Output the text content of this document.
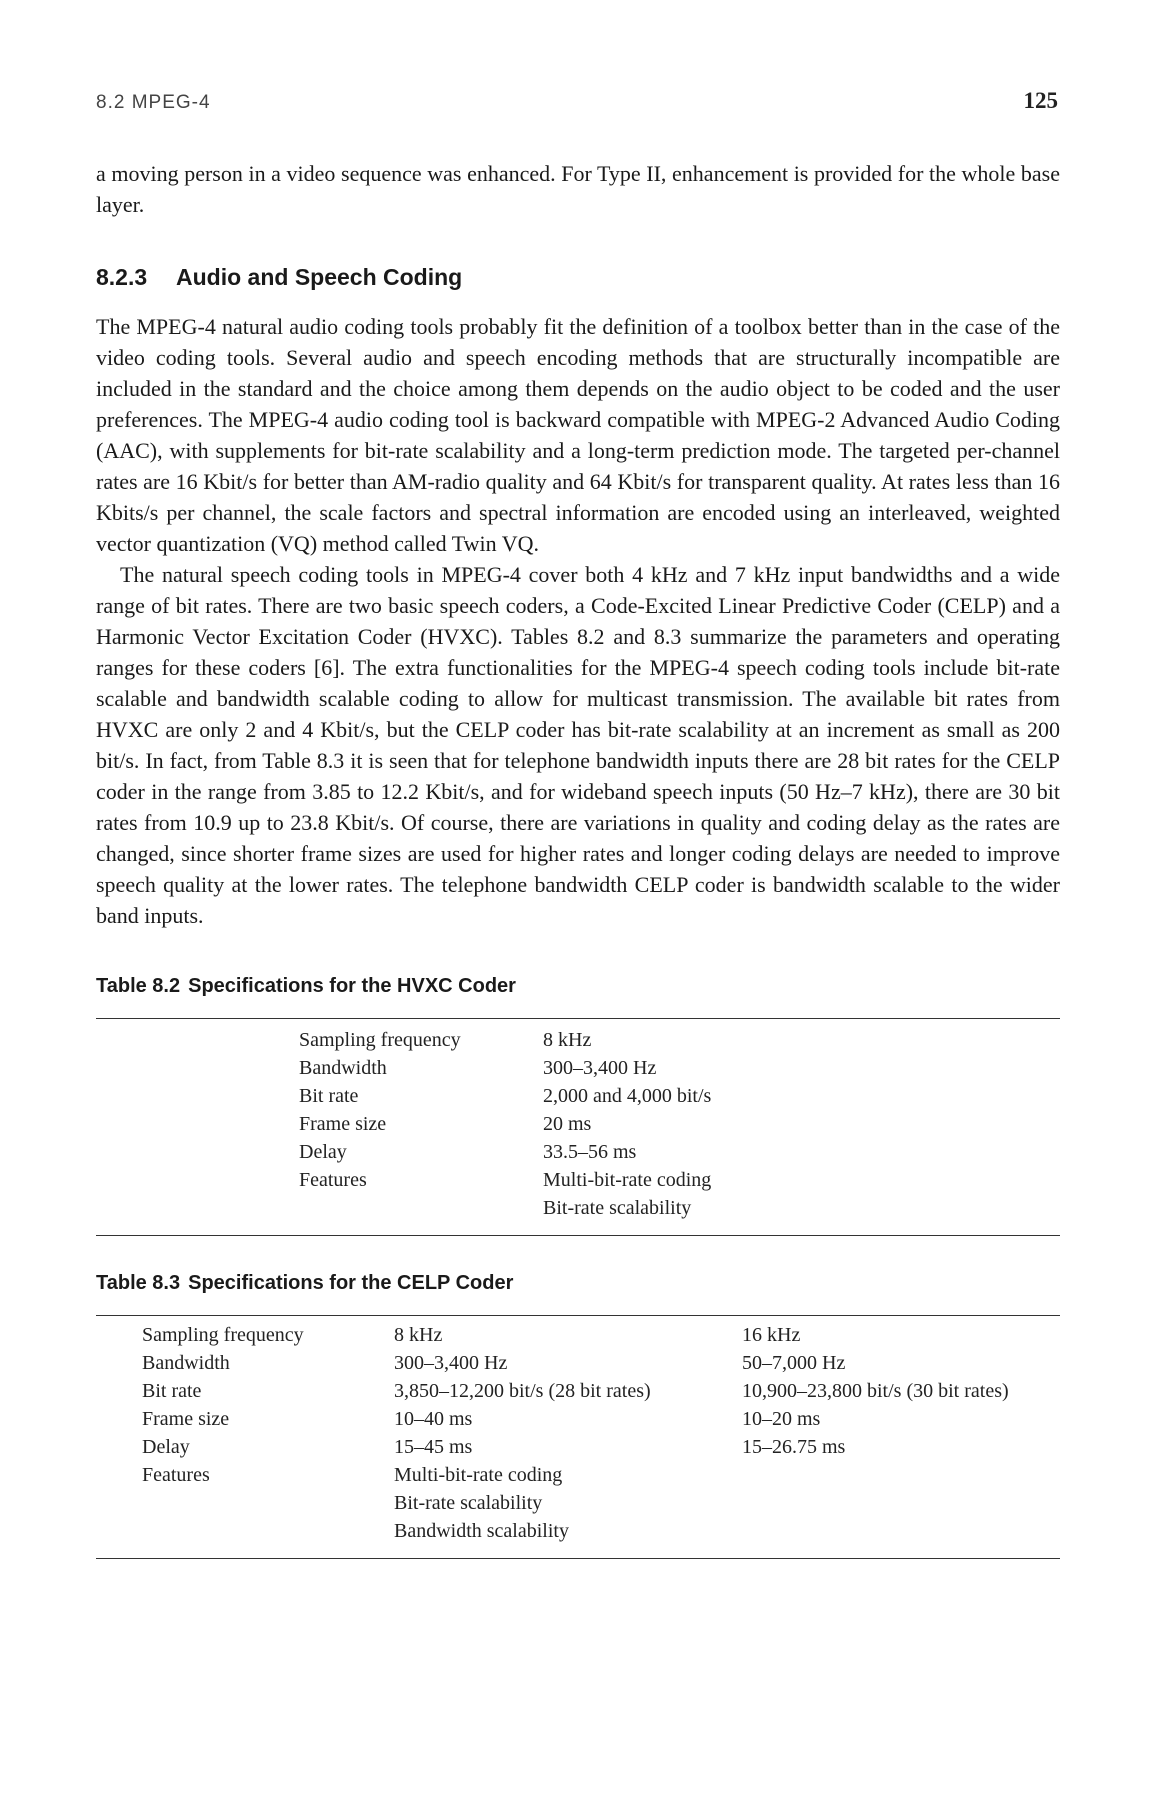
8.2 MPEG-4	125

a moving person in a video sequence was enhanced. For Type II, enhancement is provided for the whole base layer.

8.2.3 Audio and Speech Coding

The MPEG-4 natural audio coding tools probably fit the definition of a toolbox better than in the case of the video coding tools. Several audio and speech encoding methods that are structurally incompatible are included in the standard and the choice among them depends on the audio object to be coded and the user preferences. The MPEG-4 audio coding tool is backward compatible with MPEG-2 Advanced Audio Coding (AAC), with supplements for bit-rate scalability and a long-term prediction mode. The targeted per-channel rates are 16 Kbit/s for better than AM-radio quality and 64 Kbit/s for transparent quality. At rates less than 16 Kbits/s per channel, the scale factors and spectral information are encoded using an interleaved, weighted vector quantization (VQ) method called Twin VQ.

The natural speech coding tools in MPEG-4 cover both 4 kHz and 7 kHz input bandwidths and a wide range of bit rates. There are two basic speech coders, a Code-Excited Linear Predictive Coder (CELP) and a Harmonic Vector Excitation Coder (HVXC). Tables 8.2 and 8.3 summarize the parameters and operating ranges for these coders [6]. The extra functionalities for the MPEG-4 speech coding tools include bit-rate scalable and bandwidth scalable coding to allow for multicast transmission. The available bit rates from HVXC are only 2 and 4 Kbit/s, but the CELP coder has bit-rate scalability at an increment as small as 200 bit/s. In fact, from Table 8.3 it is seen that for telephone bandwidth inputs there are 28 bit rates for the CELP coder in the range from 3.85 to 12.2 Kbit/s, and for wideband speech inputs (50 Hz–7 kHz), there are 30 bit rates from 10.9 up to 23.8 Kbit/s. Of course, there are variations in quality and coding delay as the rates are changed, since shorter frame sizes are used for higher rates and longer coding delays are needed to improve speech quality at the lower rates. The telephone bandwidth CELP coder is bandwidth scalable to the wider band inputs.

Table 8.2 Specifications for the HVXC Coder
Sampling frequency	8 kHz
Bandwidth	300–3,400 Hz
Bit rate	2,000 and 4,000 bit/s
Frame size	20 ms
Delay	33.5–56 ms
Features	Multi-bit-rate coding
	Bit-rate scalability
Table 8.3 Specifications for the CELP Coder
Sampling frequency	8 kHz	16 kHz
Bandwidth	300–3,400 Hz	50–7,000 Hz
Bit rate	3,850–12,200 bit/s (28 bit rates)	10,900–23,800 bit/s (30 bit rates)
Frame size	10–40 ms	10–20 ms
Delay	15–45 ms	15–26.75 ms
Features	Multi-bit-rate coding	
	Bit-rate scalability	
	Bandwidth scalability	
